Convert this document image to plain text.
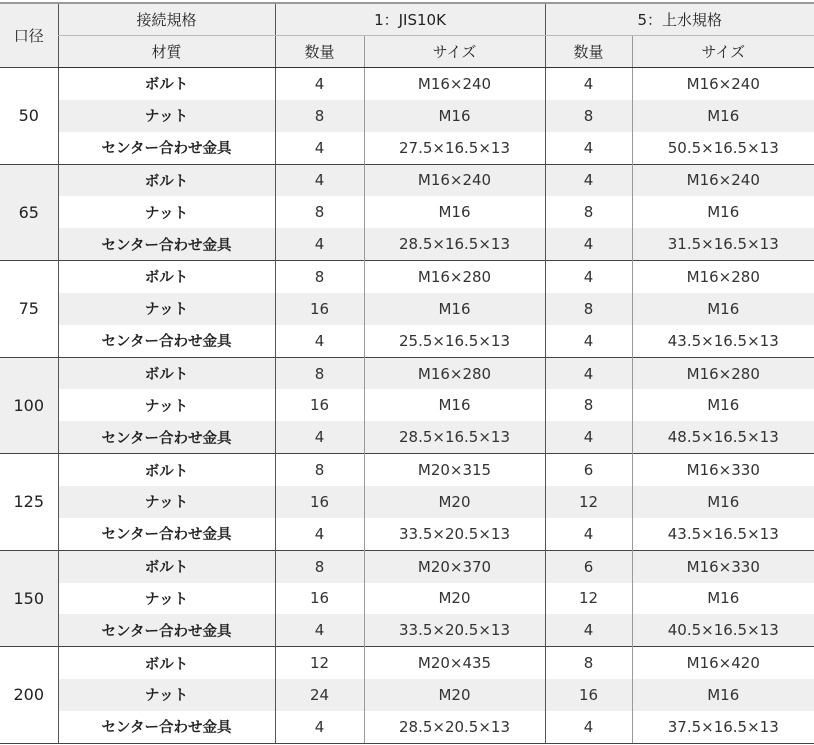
口径	接続規格	1：JIS10K		5：上水規格	
	材質	数量	サイズ	数量	サイズ
50	ボルト	4	M16×240	4	M16×240
	ナット	8	M16	8	M16
	センター合わせ金具	4	27.5×16.5×13	4	50.5×16.5×13
65	ボルト	4	M16×240	4	M16×240
	ナット	8	M16	8	M16
	センター合わせ金具	4	28.5×16.5×13	4	31.5×16.5×13
75	ボルト	8	M16×280	4	M16×280
	ナット	16	M16	8	M16
	センター合わせ金具	4	25.5×16.5×13	4	43.5×16.5×13
100	ボルト	8	M16×280	4	M16×280
	ナット	16	M16	8	M16
	センター合わせ金具	4	28.5×16.5×13	4	48.5×16.5×13
125	ボルト	8	M20×315	6	M16×330
	ナット	16	M20	12	M16
	センター合わせ金具	4	33.5×20.5×13	4	43.5×16.5×13
150	ボルト	8	M20×370	6	M16×330
	ナット	16	M20	12	M16
	センター合わせ金具	4	33.5×20.5×13	4	40.5×16.5×13
200	ボルト	12	M20×435	8	M16×420
	ナット	24	M20	16	M16
	センター合わせ金具	4	28.5×20.5×13	4	37.5×16.5×13
